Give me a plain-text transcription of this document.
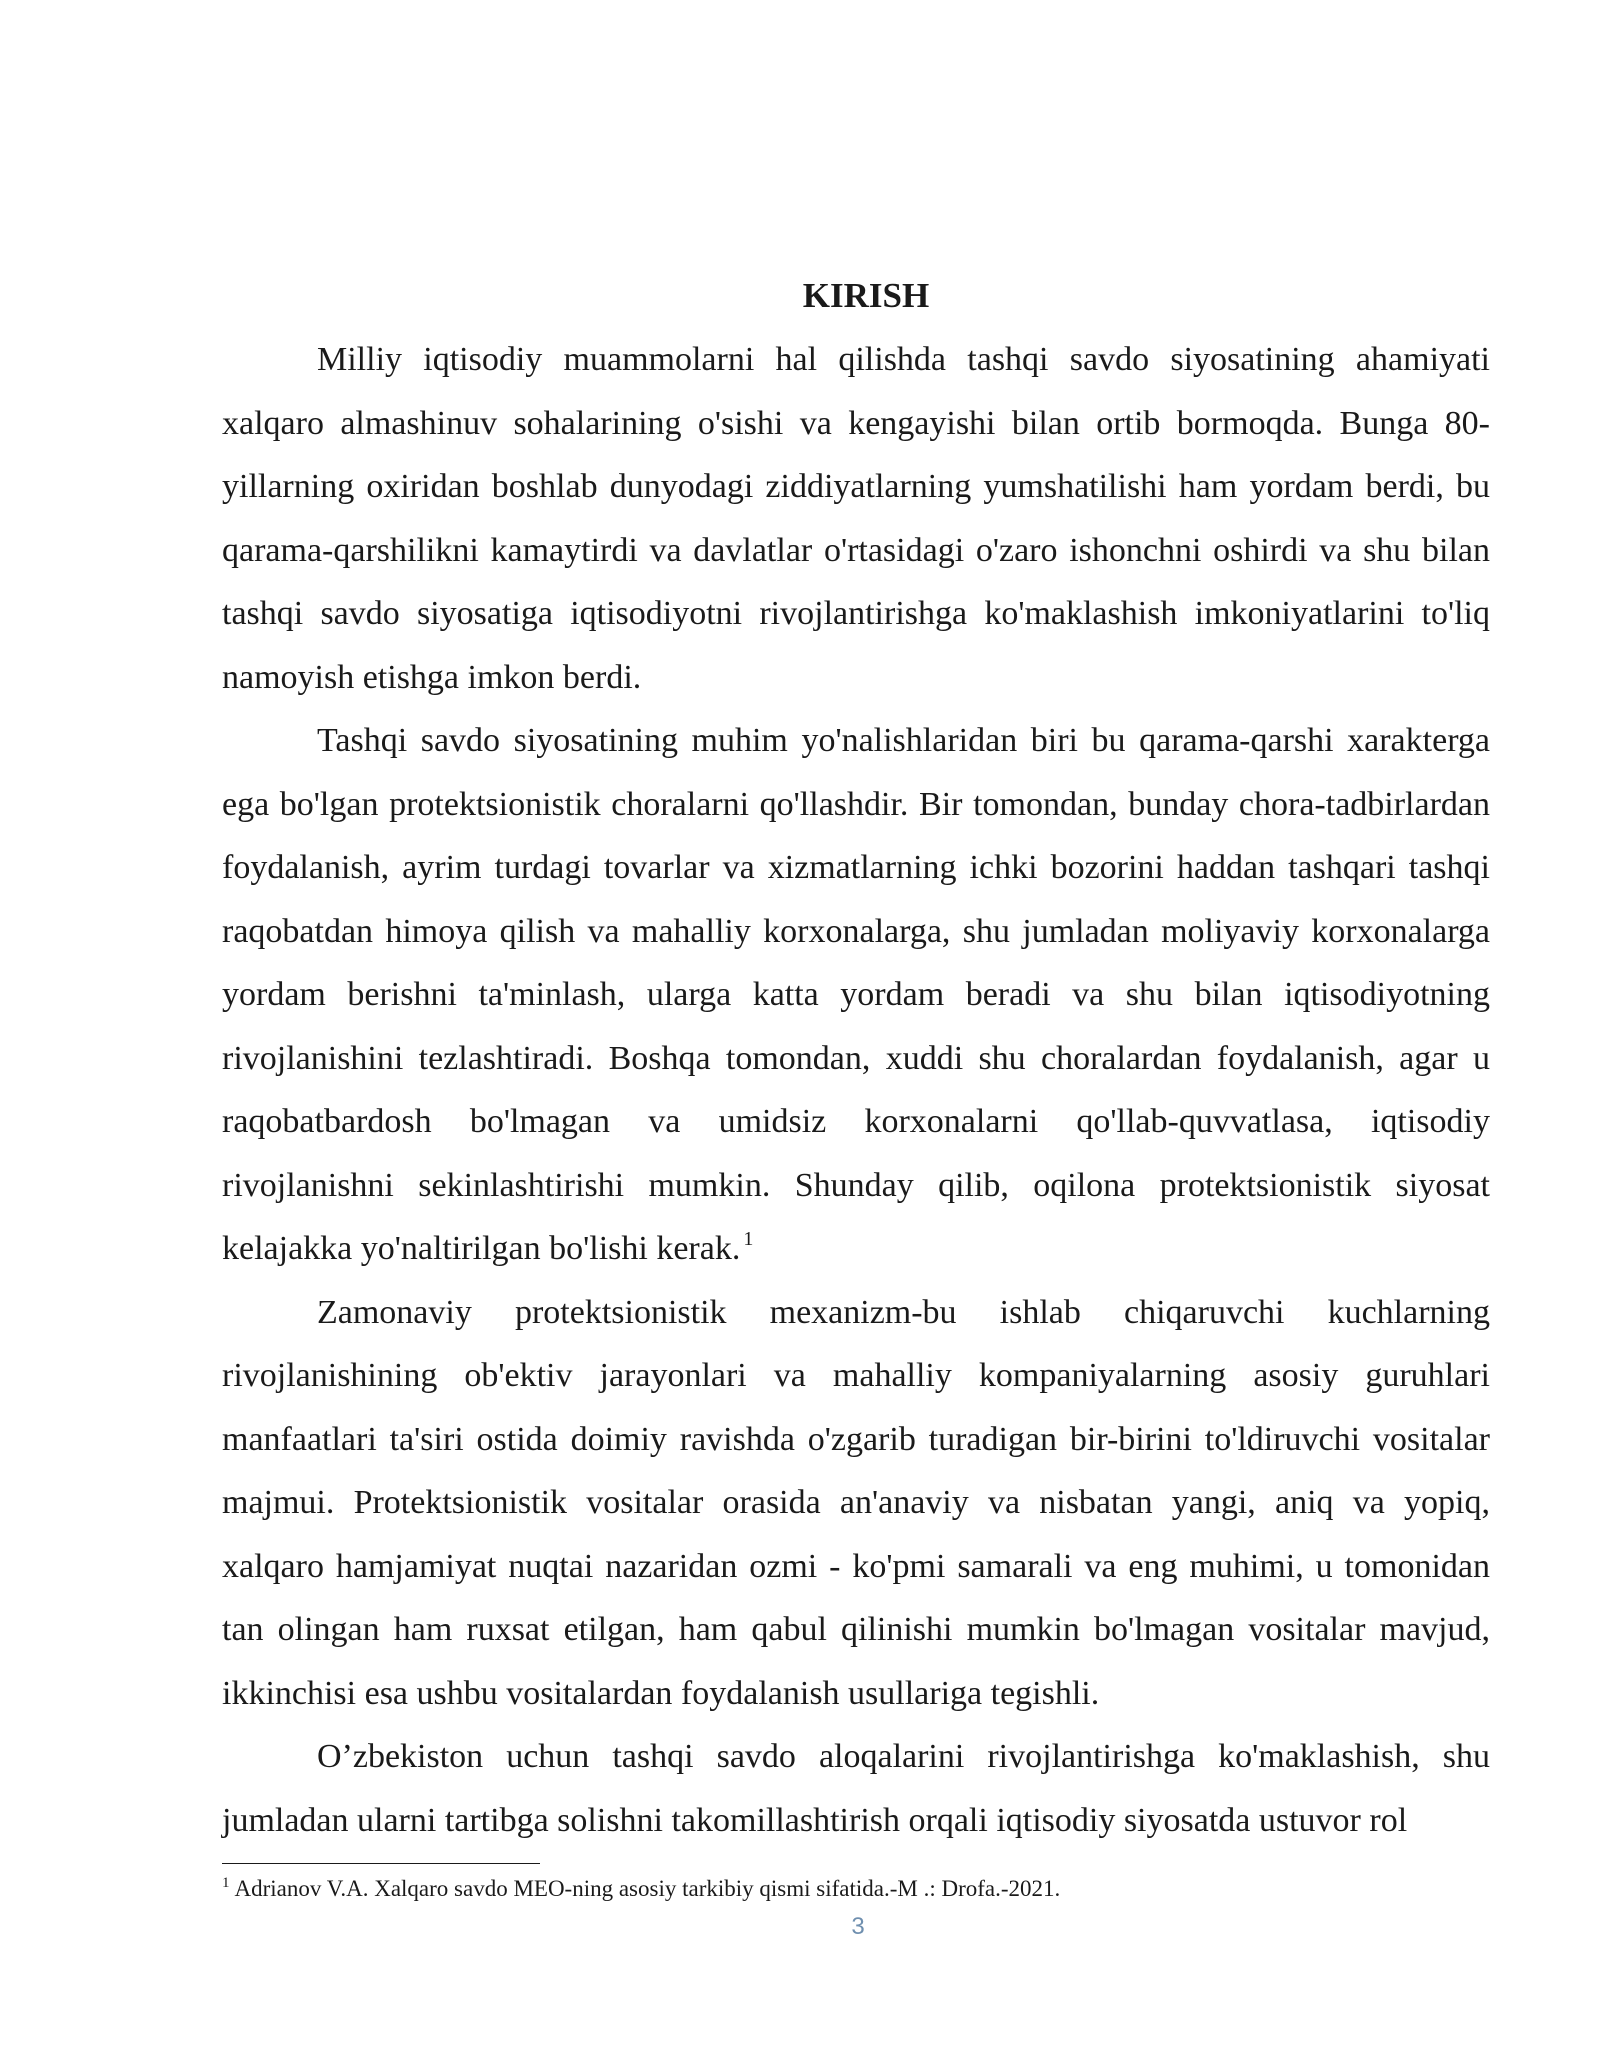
KIRISH

Milliy iqtisodiy muammolarni hal qilishda tashqi savdo siyosatining ahamiyati xalqaro almashinuv sohalarining o'sishi va kengayishi bilan ortib bormoqda. Bunga 80-yillarning oxiridan boshlab dunyodagi ziddiyatlarning yumshatilishi ham yordam berdi, bu qarama-qarshilikni kamaytirdi va davlatlar o'rtasidagi o'zaro ishonchni oshirdi va shu bilan tashqi savdo siyosatiga iqtisodiyotni rivojlantirishga ko'maklashish imkoniyatlarini to'liq namoyish etishga imkon berdi.

Tashqi savdo siyosatining muhim yo'nalishlaridan biri bu qarama-qarshi xarakterga ega bo'lgan protektsionistik choralarni qo'llashdir. Bir tomondan, bunday chora-tadbirlardan foydalanish, ayrim turdagi tovarlar va xizmatlarning ichki bozorini haddan tashqari tashqi raqobatdan himoya qilish va mahalliy korxonalarga, shu jumladan moliyaviy korxonalarga yordam berishni ta'minlash, ularga katta yordam beradi va shu bilan iqtisodiyotning rivojlanishini tezlashtiradi. Boshqa tomondan, xuddi shu choralardan foydalanish, agar u raqobatbardosh bo'lmagan va umidsiz korxonalarni qo'llab-quvvatlasa, iqtisodiy rivojlanishni sekinlashtirishi mumkin. Shunday qilib, oqilona protektsionistik siyosat kelajakka yo'naltirilgan bo'lishi kerak. $^1$

Zamonaviy protektsionistik mexanizm-bu ishlab chiqaruvchi kuchlarning rivojlanishining ob'ektiv jarayonlari va mahalliy kompaniyalarning asosiy guruhlari manfaatlari ta'siri ostida doimiy ravishda o'zgarib turadigan bir-birini to'ldiruvchi vositalar majmui. Protektsionistik vositalar orasida an'anaviy va nisbatan yangi, aniq va yopiq, xalqaro hamjamiyat nuqtai nazaridan ozmi - ko'pmi samarali va eng muhimi, u tomonidan tan olingan ham ruxsat etilgan, ham qabul qilinishi mumkin bo'lmagan vositalar mavjud, ikkinchisi esa ushbu vositalardan foydalanish usullariga tegishli.

O’zbekiston uchun tashqi savdo aloqalarini rivojlantirishga ko'maklashish, shu jumladan ularni tartibga solishni takomillashtirish orqali iqtisodiy siyosatda ustuvor rol

$^1$ Adrianov V.A. Xalqaro savdo MEO-ning asosiy tarkibiy qismi sifatida.-M .: Drofa.-2021.

3
